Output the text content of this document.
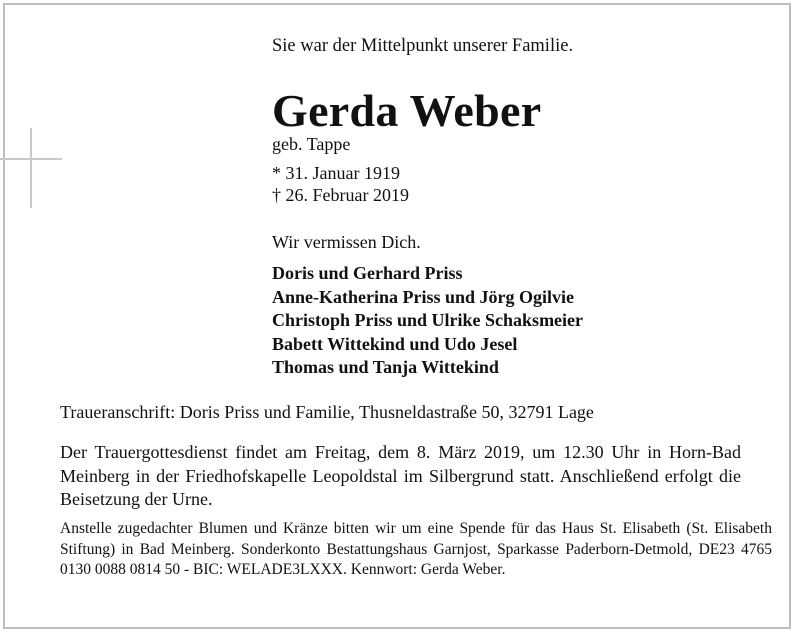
Sie war der Mittelpunkt unserer Familie.
Gerda Weber
geb. Tappe
* 31. Januar 1919
† 26. Februar 2019
Wir vermissen Dich.
Doris und Gerhard Priss
Anne-Katherina Priss und Jörg Ogilvie
Christoph Priss und Ulrike Schaksmeier
Babett Wittekind und Udo Jesel
Thomas und Tanja Wittekind
Traueranschrift: Doris Priss und Familie, Thusneldastraße 50, 32791 Lage

Der Trauergottesdienst findet am Freitag, dem 8. März 2019, um 12.30 Uhr in Horn-Bad Meinberg in der Friedhofskapelle Leopoldstal im Silbergrund statt. Anschließend erfolgt die Beisetzung der Urne.

Anstelle zugedachter Blumen und Kränze bitten wir um eine Spende für das Haus St. Elisabeth (St. Elisabeth Stiftung) in Bad Meinberg. Sonderkonto Bestattungshaus Garnjost, Sparkasse Paderborn-Detmold, DE23 4765 0130 0088 0814 50 - BIC: WELADE3LXXX. Kennwort: Gerda Weber.
